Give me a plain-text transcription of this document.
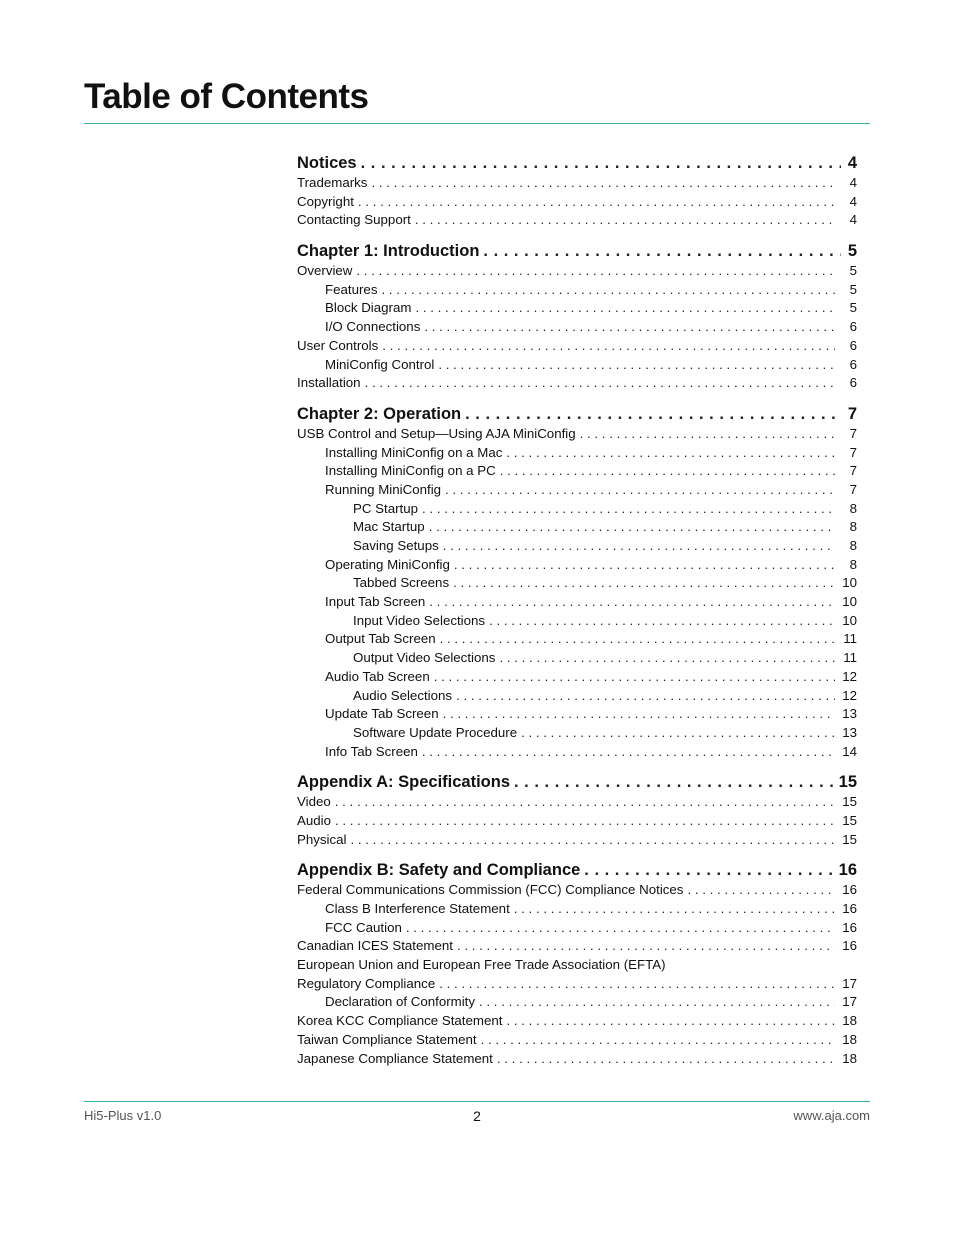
Table of Contents
Notices . . .	4
Trademarks . . .	4
Copyright . . .	4
Contacting Support . . .	4
Chapter 1: Introduction . . .	5
Overview . . .	5
Features . . .	5
Block Diagram . . .	5
I/O Connections . . .	6
User Controls . . .	6
MiniConfig Control . . .	6
Installation . . .	6
Chapter 2: Operation . . .	7
USB Control and Setup—Using AJA MiniConfig . . .	7
Installing MiniConfig on a Mac . . .	7
Installing MiniConfig on a PC . . .	7
Running MiniConfig . . .	7
PC Startup . . .	8
Mac Startup . . .	8
Saving Setups . . .	8
Operating MiniConfig . . .	8
Tabbed Screens . . .	10
Input Tab Screen . . .	10
Input Video Selections . . .	10
Output Tab Screen . . .	11
Output Video Selections . . .	11
Audio Tab Screen . . .	12
Audio Selections . . .	12
Update Tab Screen . . .	13
Software Update Procedure . . .	13
Info Tab Screen . . .	14
Appendix A: Specifications . . .	15
Video . . .	15
Audio . . .	15
Physical . . .	15
Appendix B: Safety and Compliance . . .	16
Federal Communications Commission (FCC) Compliance Notices . . .	16
Class B Interference Statement . . .	16
FCC Caution . . .	16
Canadian ICES Statement . . .	16
European Union and European Free Trade Association (EFTA)
Regulatory Compliance . . .	17
Declaration of Conformity . . .	17
Korea KCC Compliance Statement . . .	18
Taiwan Compliance Statement . . .	18
Japanese Compliance Statement . . .	18
Hi5-Plus v1.0	2	www.aja.com
